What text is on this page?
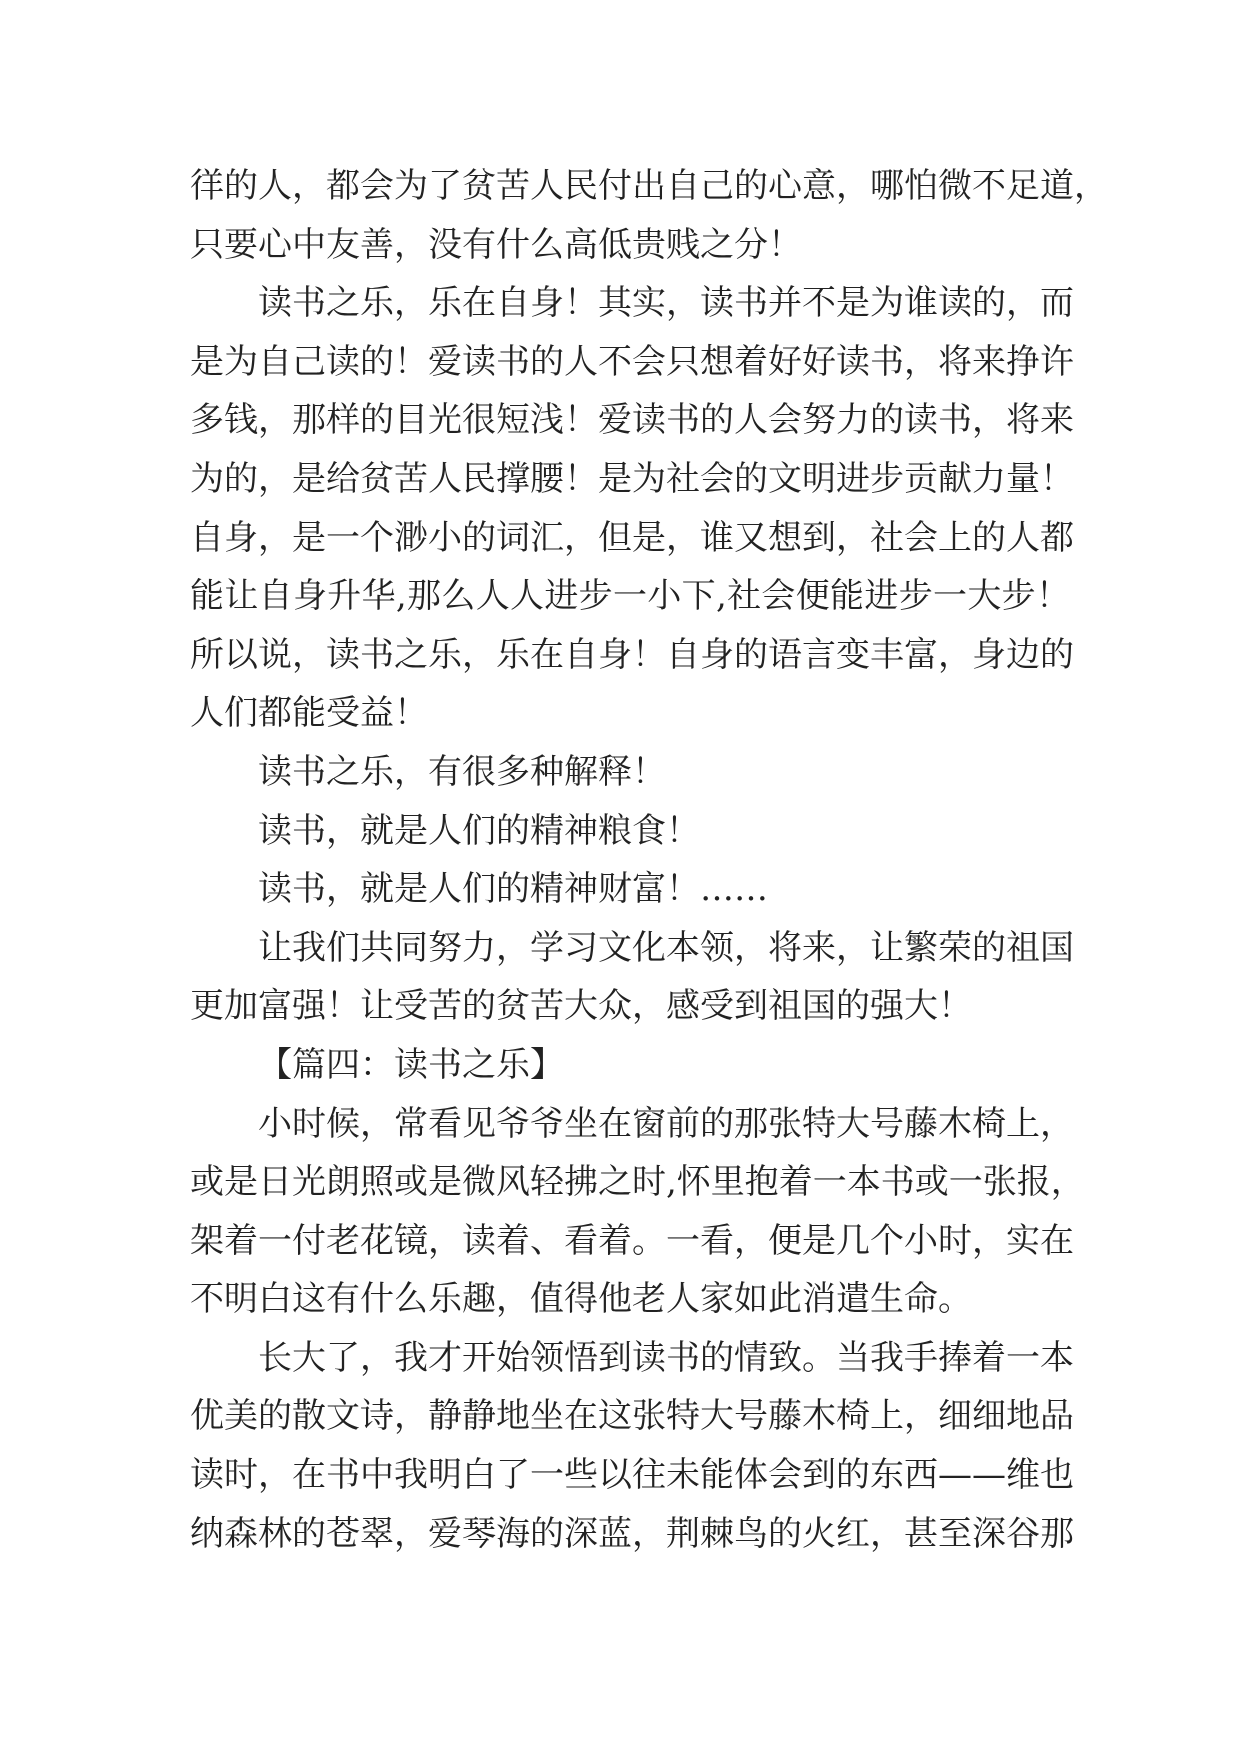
徉的人，都会为了贫苦人民付出自己的心意，哪怕微不足道，
只要心中友善，没有什么高低贵贱之分！
读书之乐，乐在自身！其实，读书并不是为谁读的，而
是为自己读的！爱读书的人不会只想着好好读书，将来挣许
多钱，那样的目光很短浅！爱读书的人会努力的读书，将来
为的，是给贫苦人民撑腰！是为社会的文明进步贡献力量！
自身，是一个渺小的词汇，但是，谁又想到，社会上的人都
能让自身升华,那么人人进步一小下,社会便能进步一大步！
所以说，读书之乐，乐在自身！自身的语言变丰富，身边的
人们都能受益！
读书之乐，有很多种解释！
读书，就是人们的精神粮食！
读书，就是人们的精神财富！……
让我们共同努力，学习文化本领，将来，让繁荣的祖国
更加富强！让受苦的贫苦大众，感受到祖国的强大！
【篇四：读书之乐】
小时候，常看见爷爷坐在窗前的那张特大号藤木椅上，
或是日光朗照或是微风轻拂之时,怀里抱着一本书或一张报，
架着一付老花镜，读着、看着。一看，便是几个小时，实在
不明白这有什么乐趣，值得他老人家如此消遣生命。
长大了，我才开始领悟到读书的情致。当我手捧着一本
优美的散文诗，静静地坐在这张特大号藤木椅上，细细地品
读时，在书中我明白了一些以往未能体会到的东西——维也
纳森林的苍翠，爱琴海的深蓝，荆棘鸟的火红，甚至深谷那
